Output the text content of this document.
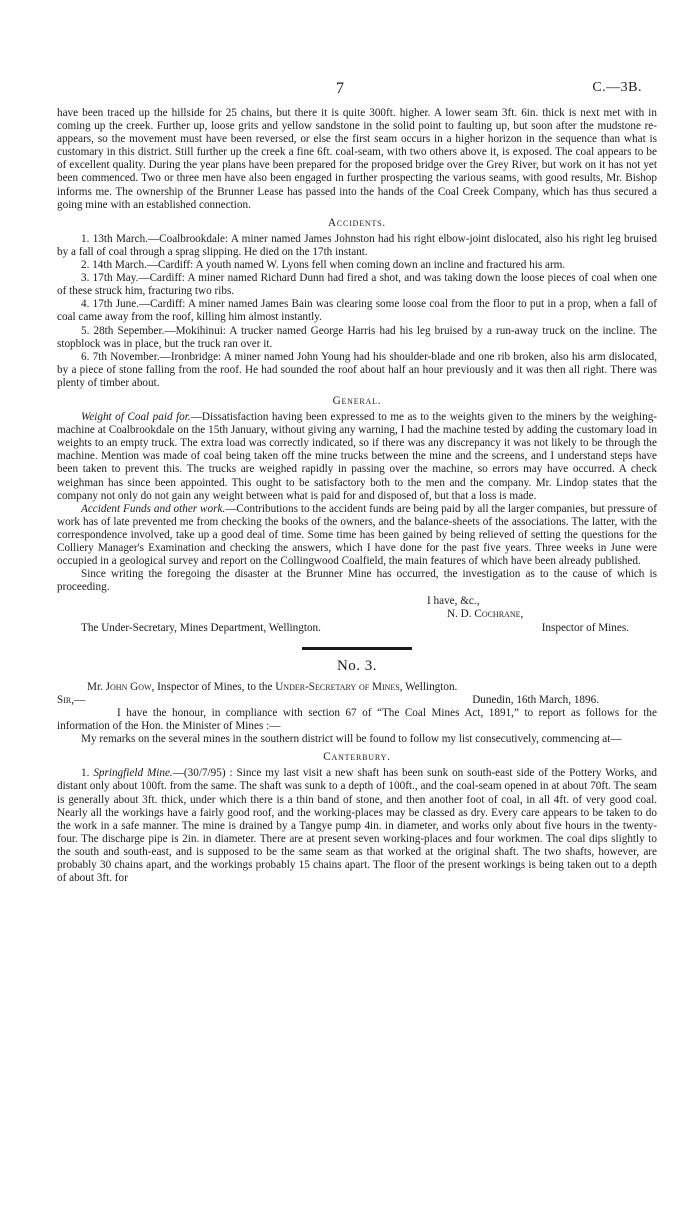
7	C.—3B.

have been traced up the hillside for 25 chains, but there it is quite 300ft. higher. A lower seam 3ft. 6in. thick is next met with in coming up the creek. Further up, loose grits and yellow sandstone in the solid point to faulting up, but soon after the mudstone re-appears, so the movement must have been reversed, or else the first seam occurs in a higher horizon in the sequence than what is customary in this district. Still further up the creek a fine 6ft. coal-seam, with two others above it, is exposed. The coal appears to be of excellent quality. During the year plans have been prepared for the proposed bridge over the Grey River, but work on it has not yet been commenced. Two or three men have also been engaged in further prospecting the various seams, with good results, Mr. Bishop informs me. The ownership of the Brunner Lease has passed into the hands of the Coal Creek Company, which has thus secured a going mine with an established connection.

Accidents.

1. 13th March.—Coalbrookdale: A miner named James Johnston had his right elbow-joint dislocated, also his right leg bruised by a fall of coal through a sprag slipping. He died on the 17th instant.

2. 14th March.—Cardiff: A youth named W. Lyons fell when coming down an incline and fractured his arm.

3. 17th May.—Cardiff: A miner named Richard Dunn had fired a shot, and was taking down the loose pieces of coal when one of these struck him, fracturing two ribs.

4. 17th June.—Cardiff: A miner named James Bain was clearing some loose coal from the floor to put in a prop, when a fall of coal came away from the roof, killing him almost instantly.

5. 28th Sepember.—Mokihinui: A trucker named George Harris had his leg bruised by a run-away truck on the incline. The stopblock was in place, but the truck ran over it.

6. 7th November.—Ironbridge: A miner named John Young had his shoulder-blade and one rib broken, also his arm dislocated, by a piece of stone falling from the roof. He had sounded the roof about half an hour previously and it was then all right. There was plenty of timber about.

General.

Weight of Coal paid for.—Dissatisfaction having been expressed to me as to the weights given to the miners by the weighing-machine at Coalbrookdale on the 15th January, without giving any warning, I had the machine tested by adding the customary load in weights to an empty truck. The extra load was correctly indicated, so if there was any discrepancy it was not likely to be through the machine. Mention was made of coal being taken off the mine trucks between the mine and the screens, and I understand steps have been taken to prevent this. The trucks are weighed rapidly in passing over the machine, so errors may have occurred. A check weighman has since been appointed. This ought to be satisfactory both to the men and the company. Mr. Lindop states that the company not only do not gain any weight between what is paid for and disposed of, but that a loss is made.

Accident Funds and other work.—Contributions to the accident funds are being paid by all the larger companies, but pressure of work has of late prevented me from checking the books of the owners, and the balance-sheets of the associations. The latter, with the correspondence involved, take up a good deal of time. Some time has been gained by being relieved of setting the questions for the Colliery Manager's Examination and checking the answers, which I have done for the past five years. Three weeks in June were occupied in a geological survey and report on the Collingwood Coalfield, the main features of which have been already published.

Since writing the foregoing the disaster at the Brunner Mine has occurred, the investigation as to the cause of which is proceeding.

I have, &c.,
N. D. Cochrane,
The Under-Secretary, Mines Department, Wellington.	Inspector of Mines.
No. 3.
Mr. John Gow, Inspector of Mines, to the Under-Secretary of Mines, Wellington.
Sir,—	Dunedin, 16th March, 1896.

I have the honour, in compliance with section 67 of “The Coal Mines Act, 1891,” to report as follows for the information of the Hon. the Minister of Mines :—

My remarks on the several mines in the southern district will be found to follow my list consecutively, commencing at—

Canterbury.

1. Springfield Mine.—(30/7/95) : Since my last visit a new shaft has been sunk on south-east side of the Pottery Works, and distant only about 100ft. from the same. The shaft was sunk to a depth of 100ft., and the coal-seam opened in at about 70ft. The seam is generally about 3ft. thick, under which there is a thin band of stone, and then another foot of coal, in all 4ft. of very good coal. Nearly all the workings have a fairly good roof, and the working-places may be classed as dry. Every care appears to be taken to do the work in a safe manner. The mine is drained by a Tangye pump 4in. in diameter, and works only about five hours in the twenty-four. The discharge pipe is 2in. in diameter. There are at present seven working-places and four workmen. The coal dips slightly to the south and south-east, and is supposed to be the same seam as that worked at the original shaft. The two shafts, however, are probably 30 chains apart, and the workings probably 15 chains apart. The floor of the present workings is being taken out to a depth of about 3ft. for
